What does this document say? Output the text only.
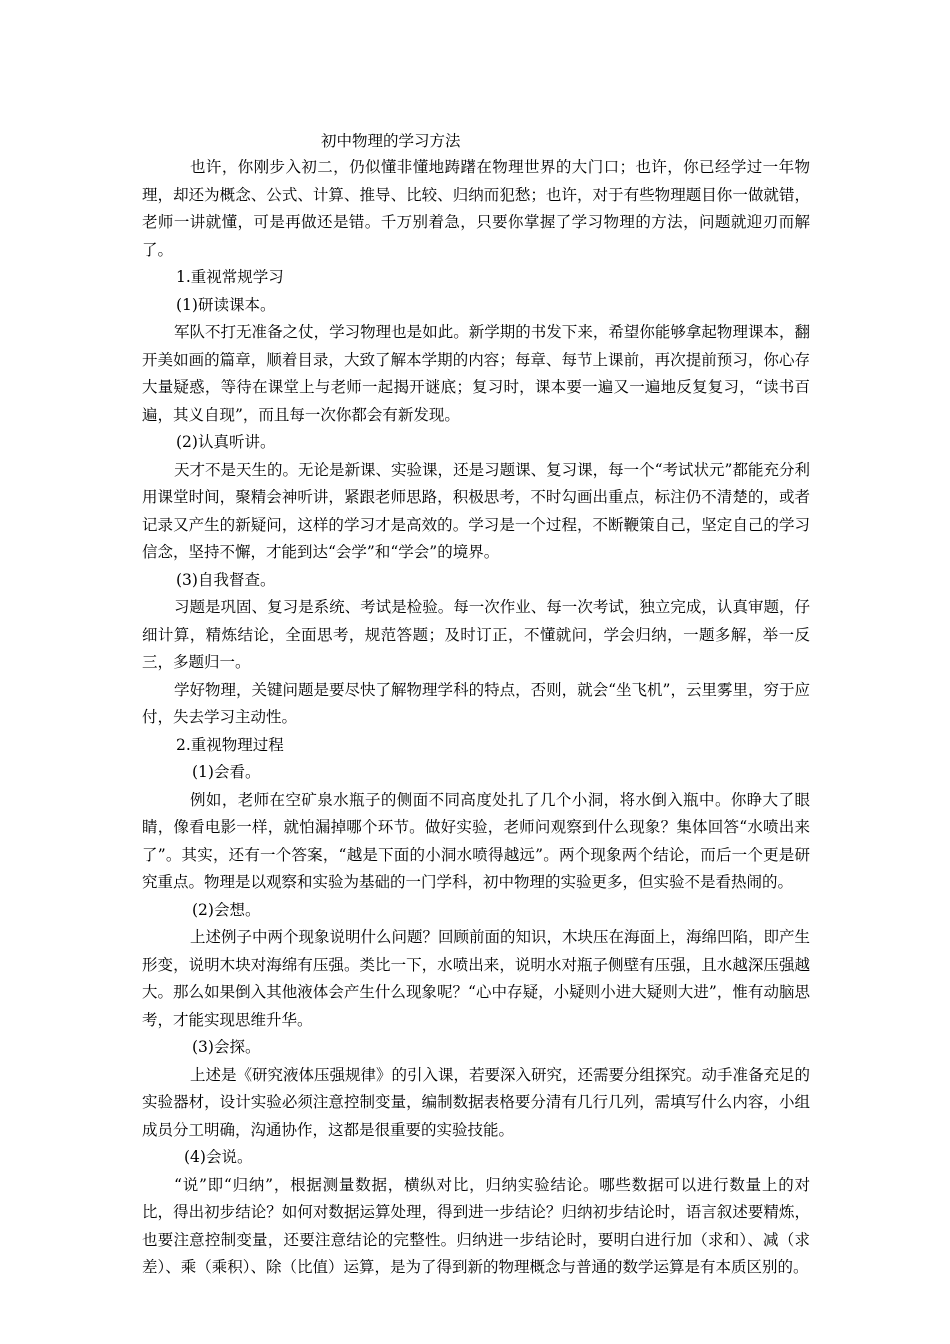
初中物理的学习方法

也许，你刚步入初二，仍似懂非懂地踌躇在物理世界的大门口；也许，你已经学过一年物理，却还为概念、公式、计算、推导、比较、归纳而犯愁；也许，对于有些物理题目你一做就错，老师一讲就懂，可是再做还是错。千万别着急，只要你掌握了学习物理的方法，问题就迎刃而解了。

1.重视常规学习
(1)研读课本。

军队不打无准备之仗，学习物理也是如此。新学期的书发下来，希望你能够拿起物理课本，翻开美如画的篇章，顺着目录，大致了解本学期的内容；每章、每节上课前，再次提前预习，你心存大量疑惑，等待在课堂上与老师一起揭开谜底；复习时，课本要一遍又一遍地反复复习，“读书百遍，其义自现”，而且每一次你都会有新发现。

(2)认真听讲。

天才不是天生的。无论是新课、实验课，还是习题课、复习课，每一个“考试状元”都能充分利用课堂时间，聚精会神听讲，紧跟老师思路，积极思考，不时勾画出重点，标注仍不清楚的，或者记录又产生的新疑问，这样的学习才是高效的。学习是一个过程，不断鞭策自己，坚定自己的学习信念，坚持不懈，才能到达“会学”和“学会”的境界。

(3)自我督查。

习题是巩固、复习是系统、考试是检验。每一次作业、每一次考试，独立完成，认真审题，仔细计算，精炼结论，全面思考，规范答题；及时订正，不懂就问，学会归纳，一题多解，举一反三，多题归一。

学好物理，关键问题是要尽快了解物理学科的特点，否则，就会“坐飞机”，云里雾里，穷于应付，失去学习主动性。

2.重视物理过程
(1)会看。

例如，老师在空矿泉水瓶子的侧面不同高度处扎了几个小洞，将水倒入瓶中。你睁大了眼睛，像看电影一样，就怕漏掉哪个环节。做好实验，老师问观察到什么现象？集体回答“水喷出来了”。其实，还有一个答案，“越是下面的小洞水喷得越远”。两个现象两个结论，而后一个更是研究重点。物理是以观察和实验为基础的一门学科，初中物理的实验更多，但实验不是看热闹的。

(2)会想。

上述例子中两个现象说明什么问题？回顾前面的知识，木块压在海面上，海绵凹陷，即产生形变，说明木块对海绵有压强。类比一下，水喷出来，说明水对瓶子侧壁有压强，且水越深压强越大。那么如果倒入其他液体会产生什么现象呢？“心中存疑，小疑则小进大疑则大进”，惟有动脑思考，才能实现思维升华。

(3)会探。

上述是《研究液体压强规律》的引入课，若要深入研究，还需要分组探究。动手准备充足的实验器材，设计实验必须注意控制变量，编制数据表格要分清有几行几列，需填写什么内容，小组成员分工明确，沟通协作，这都是很重要的实验技能。

(4)会说。

“说”即“归纳”，根据测量数据，横纵对比，归纳实验结论。哪些数据可以进行数量上的对比，得出初步结论？如何对数据运算处理，得到进一步结论？归纳初步结论时，语言叙述要精炼，也要注意控制变量，还要注意结论的完整性。归纳进一步结论时，要明白进行加（求和）、减（求差）、乘（乘积）、除（比值）运算，是为了得到新的物理概念与普通的数学运算是有本质区别的。
